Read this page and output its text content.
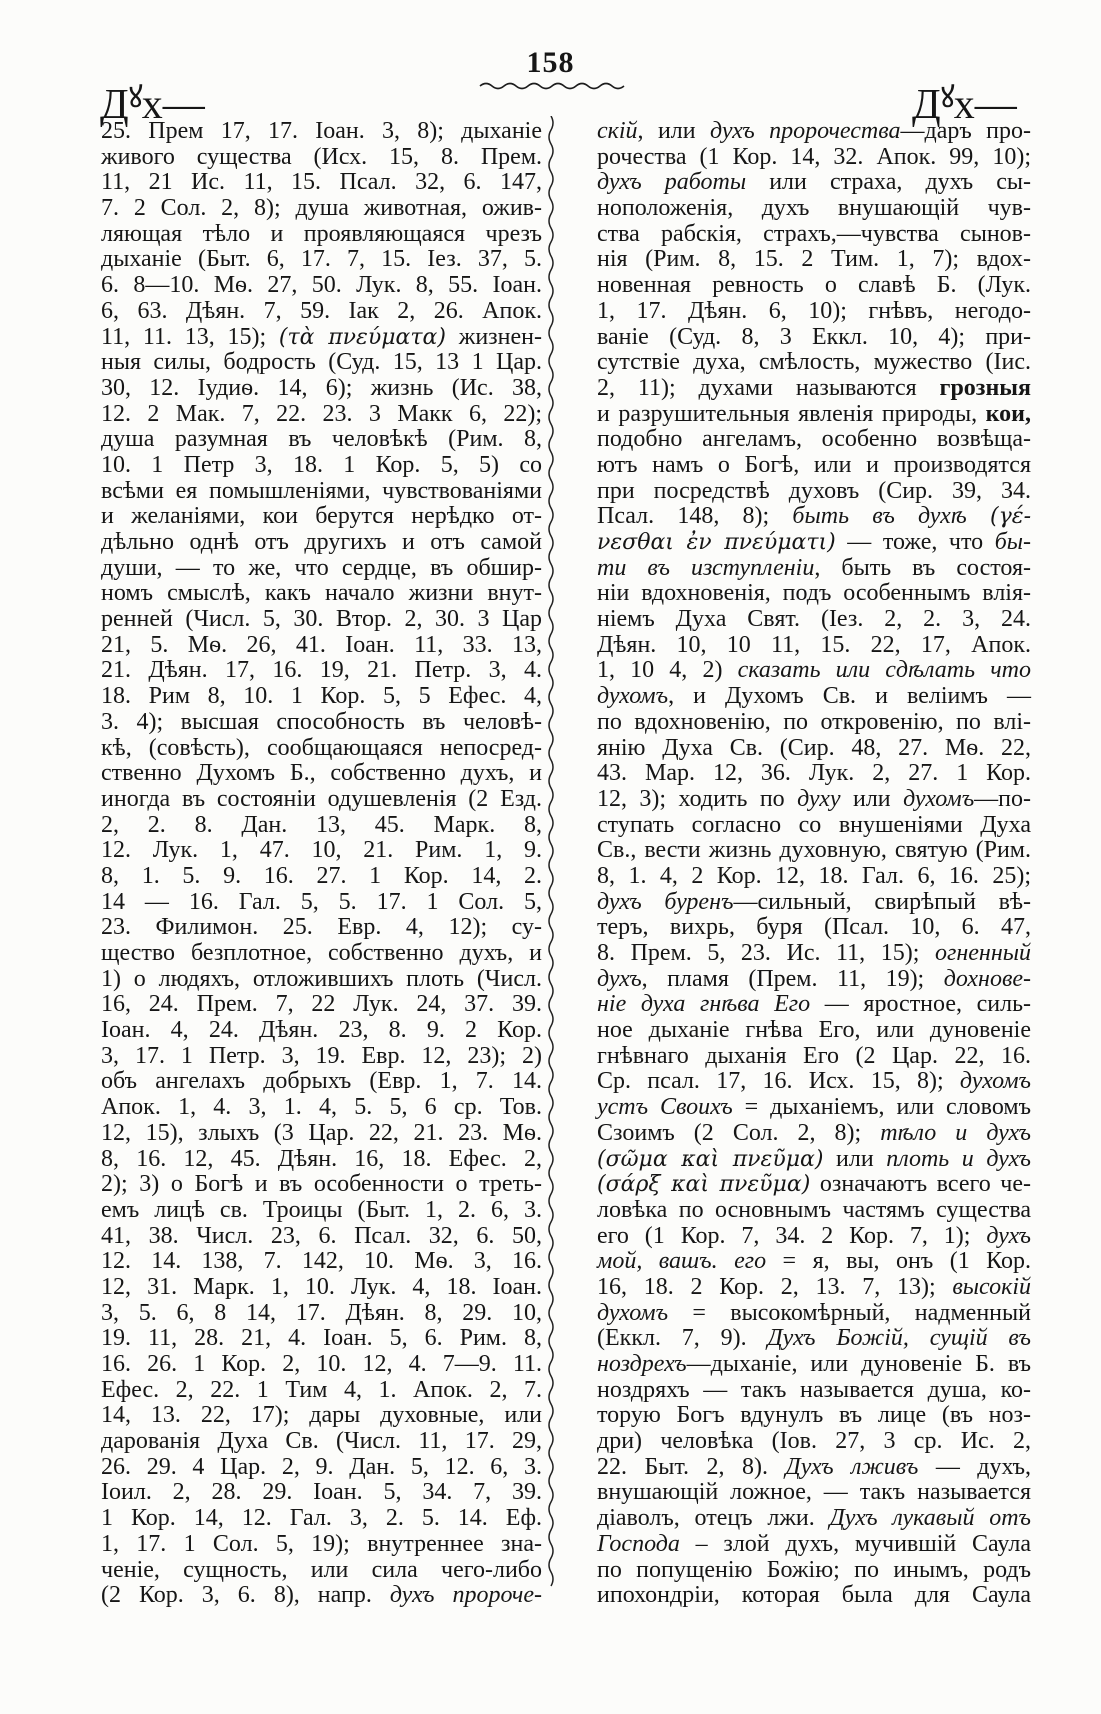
158
$Д^ꙋх—$	$Д^ꙋх—$
25. Прем 17, 17. Іоан. 3, 8); дыханіе
живого существа (Исх. 15, 8. Прем.
11, 21 Ис. 11, 15. Псал. 32, 6. 147,
7. 2 Сол. 2, 8); душа животная, ожив-
ляющая тѣло и проявляющаяся чрезъ
дыханіе (Быт. 6, 17. 7, 15. Іез. 37, 5.
6. 8—10. Мѳ. 27, 50. Лук. 8, 55. Іоан.
6, 63. Дѣян. 7, 59. Іак 2, 26. Апок.
11, 11. 13, 15); (τὰ πνεύματα) жизнен-
ныя силы, бодрость (Суд. 15, 13 1 Цар.
30, 12. Іудиѳ. 14, 6); жизнь (Ис. 38,
12. 2 Мак. 7, 22. 23. 3 Макк 6, 22);
душа разумная въ человѣкѣ (Рим. 8,
10. 1 Петр 3, 18. 1 Кор. 5, 5) со
всѣми ея помышленіями, чувствованіями
и желаніями, кои берутся нерѣдко от-
дѣльно однѣ отъ другихъ и отъ самой
души, — то же, что сердце, въ обшир-
номъ смыслѣ, какъ начало жизни внут-
ренней (Числ. 5, 30. Втор. 2, 30. 3 Цар
21, 5. Мѳ. 26, 41. Іоан. 11, 33. 13,
21. Дѣян. 17, 16. 19, 21. Петр. 3, 4.
18. Рим 8, 10. 1 Кор. 5, 5 Ефес. 4,
3. 4); высшая способность въ человѣ-
кѣ, (совѣсть), сообщающаяся непосред-
ственно Духомъ Б., собственно духъ, и
иногда въ состояніи одушевленія (2 Езд.
2, 2. 8. Дан. 13, 45. Марк. 8,
12. Лук. 1, 47. 10, 21. Рим. 1, 9.
8, 1. 5. 9. 16. 27. 1 Кор. 14, 2.
14 — 16. Гал. 5, 5. 17. 1 Сол. 5,
23. Филимон. 25. Евр. 4, 12); су-
щество безплотное, собственно духъ, и
1) о людяхъ, отложившихъ плоть (Числ.
16, 24. Прем. 7, 22 Лук. 24, 37. 39.
Іоан. 4, 24. Дѣян. 23, 8. 9. 2 Кор.
3, 17. 1 Петр. 3, 19. Евр. 12, 23); 2)
объ ангелахъ добрыхъ (Евр. 1, 7. 14.
Апок. 1, 4. 3, 1. 4, 5. 5, 6 ср. Тов.
12, 15), злыхъ (3 Цар. 22, 21. 23. Мѳ.
8, 16. 12, 45. Дѣян. 16, 18. Ефес. 2,
2); 3) о Богѣ и въ особенности о треть-
емъ лицѣ св. Троицы (Быт. 1, 2. 6, 3.
41, 38. Числ. 23, 6. Псал. 32, 6. 50,
12. 14. 138, 7. 142, 10. Мѳ. 3, 16.
12, 31. Марк. 1, 10. Лук. 4, 18. Іоан.
3, 5. 6, 8 14, 17. Дѣян. 8, 29. 10,
19. 11, 28. 21, 4. Іоан. 5, 6. Рим. 8,
16. 26. 1 Кор. 2, 10. 12, 4. 7—9. 11.
Ефес. 2, 22. 1 Тим 4, 1. Апок. 2, 7.
14, 13. 22, 17); дары духовные, или
дарованія Духа Св. (Числ. 11, 17. 29,
26. 29. 4 Цар. 2, 9. Дан. 5, 12. 6, 3.
Іоил. 2, 28. 29. Іоан. 5, 34. 7, 39.
1 Кор. 14, 12. Гал. 3, 2. 5. 14. Еф.
1, 17. 1 Сол. 5, 19); внутреннее зна-
ченіе, сущность, или сила чего-либо
(2 Кор. 3, 6. 8), напр. духъ пророче-
скій, или духъ пророчества—даръ про-
рочества (1 Кор. 14, 32. Апок. 99, 10);
духъ работы или страха, духъ сы-
ноположенія, духъ внушающій чув-
ства рабскія, страхъ,—чувства сынов-
нія (Рим. 8, 15. 2 Тим. 1, 7); вдох-
новенная ревность о славѣ Б. (Лук.
1, 17. Дѣян. 6, 10); гнѣвъ, негодо-
ваніе (Суд. 8, 3 Еккл. 10, 4); при-
сутствіе духа, смѣлость, мужество (Іис.
2, 11); духами называются грозныя
и разрушительныя явленія природы, кои,
подобно ангеламъ, особенно возвѣща-
ютъ намъ о Богѣ, или и производятся
при посредствѣ духовъ (Сир. 39, 34.
Псал. 148, 8); быть въ духѣ (γέ-
νεσθαι ἐν πνεύματι) — тоже, что бы-
ти въ изступленіи, быть въ состоя-
ніи вдохновенія, подъ особеннымъ влія-
ніемъ Духа Свят. (Іез. 2, 2. 3, 24.
Дѣян. 10, 10 11, 15. 22, 17, Апок.
1, 10 4, 2) сказать или сдѣлать что
духомъ, и Духомъ Св. и веліимъ —
по вдохновенію, по откровенію, по влі-
янію Духа Св. (Сир. 48, 27. Мѳ. 22,
43. Мар. 12, 36. Лук. 2, 27. 1 Кор.
12, 3); ходить по духу или духомъ—по-
ступать согласно со внушеніями Духа
Св., вести жизнь духовную, святую (Рим.
8, 1. 4, 2 Кор. 12, 18. Гал. 6, 16. 25);
духъ буренъ—сильный, свирѣпый вѣ-
теръ, вихрь, буря (Псал. 10, 6. 47,
8. Прем. 5, 23. Ис. 11, 15); огненный
духъ, пламя (Прем. 11, 19); дохнове-
ніе духа гнѣва Его — яростное, силь-
ное дыханіе гнѣва Его, или дуновеніе
гнѣвнаго дыханія Его (2 Цар. 22, 16.
Ср. псал. 17, 16. Исх. 15, 8); духомъ
устъ Своихъ = дыханіемъ, или словомъ
Сзоимъ (2 Сол. 2, 8); тѣло и духъ
(σῶμα καὶ πνεῦμα) или плоть и духъ
(σάρξ καὶ πνεῦμα) означаютъ всего че-
ловѣка по основнымъ частямъ существа
его (1 Кор. 7, 34. 2 Кор. 7, 1); духъ
мой, вашъ. его = я, вы, онъ (1 Кор.
16, 18. 2 Кор. 2, 13. 7, 13); высокій
духомъ = высокомѣрный, надменный
(Еккл. 7, 9). Духъ Божій, сущій въ
ноздрехъ—дыханіе, или дуновеніе Б. въ
ноздряхъ — такъ называется душа, ко-
торую Богъ вдунулъ въ лице (въ ноз-
дри) человѣка (Іов. 27, 3 ср. Ис. 2,
22. Быт. 2, 8). Духъ лживъ — духъ,
внушающій ложное, — такъ называется
діаволъ, отецъ лжи. Духъ лукавый отъ
Господа – злой духъ, мучившій Саула
по попущенію Божію; по инымъ, родъ
ипохондріи, которая была для Саула
